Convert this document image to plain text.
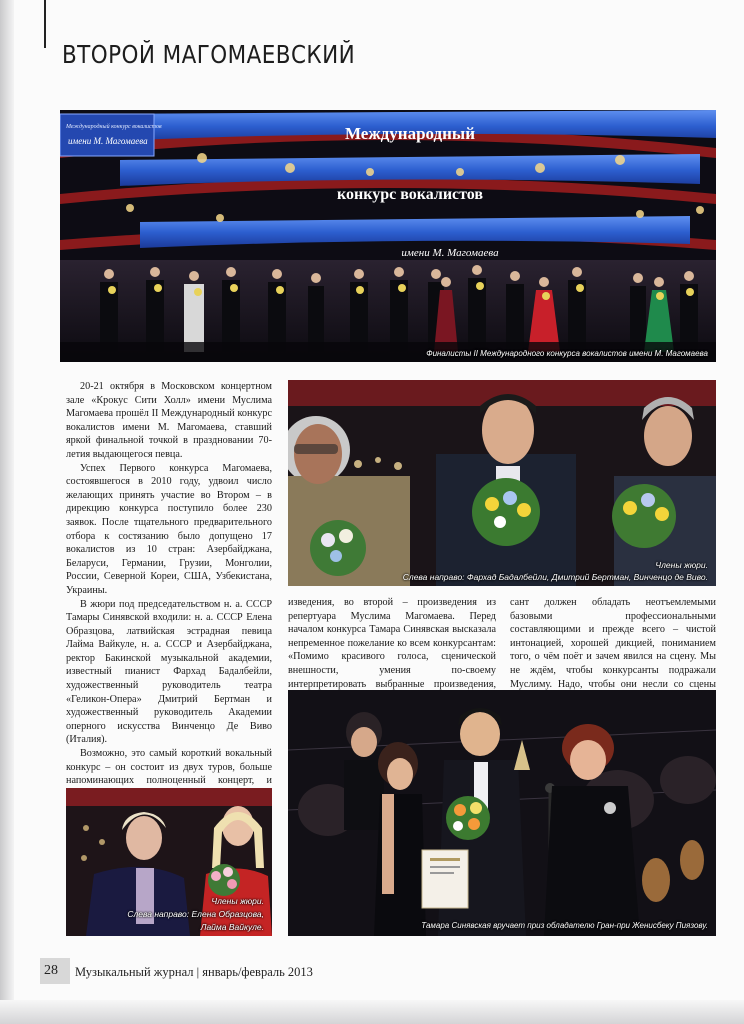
ВТОРОЙ МАГОМАЕВСКИЙ
Международный конкурс вокалистов
имени М. Магомаева	Международный
конкурс вокалистов
имени М. Магомаева
Финалисты II Международного конкурса вокалистов имени М. Магомаева

20-21 октября в Московском концертном зале «Крокус Сити Холл» имени Муслима Магомаева прошёл II Международный конкурс вокалистов имени М. Магомаева, ставший яркой финальной точкой в праздновании 70-летия выдающегося певца.

Успех Первого конкурса Магомаева, состоявшегося в 2010 году, удвоил число желающих принять участие во Втором – в дирекцию конкурса поступило более 230 заявок. После тщательного предварительного отбора к состязанию было допущено 17 вокалистов из 10 стран: Азербайджана, Беларуси, Германии, Грузии, Монголии, России, Северной Кореи, США, Узбекистана, Украины.

В жюри под председательством н. а. СССР Тамары Синявской входили: н. а. СССР Елена Образцова, латвийская эстрадная певица Лайма Вайкуле, н. а. СССР и Азербайджана, ректор Бакинской музыкальной академии, известный пианист Фархад Бадалбейли, художественный руководитель театра «Геликон-Опера» Дмитрий Бертман и художественный руководитель Академии оперного искусства Винченцо Де Виво (Италия).

Возможно, это самый короткий вокальный конкурс – он состоит из двух туров, больше напоминающих полноценный концерт, и

Члены жюри.
Слева направо: Фархад Бадалбейли, Дмитрий Бертман, Винченцо де Виво.

изведения, во второй – произведения из репертуара Муслима Магомаева. Перед началом конкурса Тамара Синявская высказала непременное пожелание ко всем конкурсантам: «Помимо красивого голоса, сценической внешности, умения по-своему интерпретировать выбранные произведения,

сант должен обладать неотъемлемыми базовыми профессиональными составляющими и прежде всего – чистой интонацией, хорошей дикцией, пониманием того, о чём поёт и зачем явился на сцену. Мы не ждём, чтобы конкурсанты подражали Муслиму. Надо, чтобы они несли со сцены

Члены жюри.
Слева направо: Елена Образцова,
Лайма Вайкуле.	Тамара Синявская вручает приз обладателю Гран-при Женисбеку Пиязову.
28 Музыкальный журнал | январь/февраль 2013
